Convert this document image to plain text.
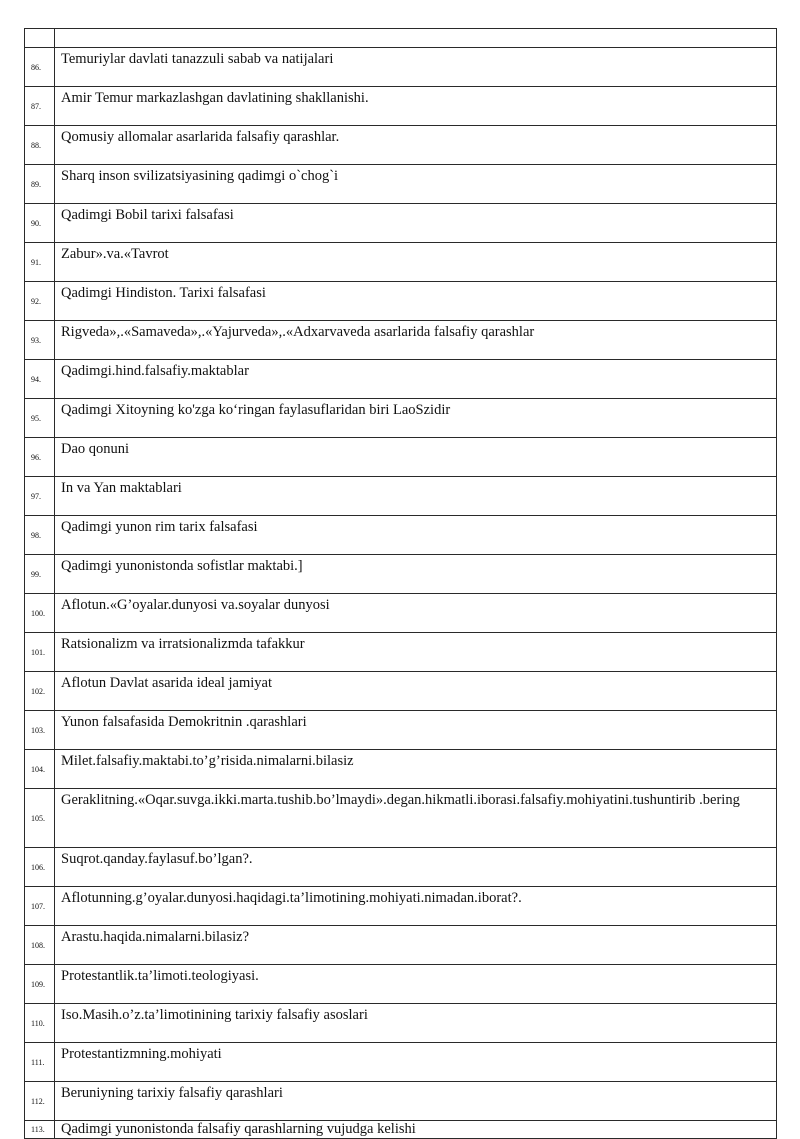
86.	Temuriylar davlati tanazzuli sabab va natijalari
87.	Amir Temur markazlashgan davlatining shakllanishi.
88.	Qomusiy allomalar asarlarida falsafiy qarashlar.
89.	Sharq inson svilizatsiyasining qadimgi o`chog`i
90.	Qadimgi Bobil tarixi falsafasi
91.	Zabur».va.«Tavrot
92.	Qadimgi Hindiston. Tarixi falsafasi
93.	Rigveda»,.«Samaveda»,.«Yajurveda»,.«Adxarvaveda asarlarida falsafiy qarashlar
94.	Qadimgi.hind.falsafiy.maktablar
95.	Qadimgi Xitoyning ko'zga ko‘ringan faylasuflaridan biri LaoSzidir
96.	Dao qonuni
97.	In va Yan maktablari
98.	Qadimgi yunon rim tarix falsafasi
99.	Qadimgi yunonistonda sofistlar maktabi.]
100.	Aflotun.«G’oyalar.dunyosi va.soyalar dunyosi
101.	Ratsionalizm va irratsionalizmda tafakkur
102.	Aflotun Davlat asarida ideal jamiyat
103.	Yunon falsafasida Demokritnin .qarashlari
104.	Milet.falsafiy.maktabi.to’g’risida.nimalarni.bilasiz
105.	Geraklitning.«Oqar.suvga.ikki.marta.tushib.bo’lmaydi».degan.hikmatli.iborasi.falsafiy.mohiyatini.tushuntirib .bering
106.	Suqrot.qanday.faylasuf.bo’lgan?.
107.	Aflotunning.g’oyalar.dunyosi.haqidagi.ta’limotining.mohiyati.nimadan.iborat?.
108.	Arastu.haqida.nimalarni.bilasiz?
109.	Protestantlik.ta’limoti.teologiyasi.
110.	Iso.Masih.o’z.ta’limotinining tarixiy falsafiy asoslari
111.	Protestantizmning.mohiyati
112.	Beruniyning tarixiy falsafiy qarashlari
113.	Qadimgi yunonistonda falsafiy qarashlarning vujudga kelishi
